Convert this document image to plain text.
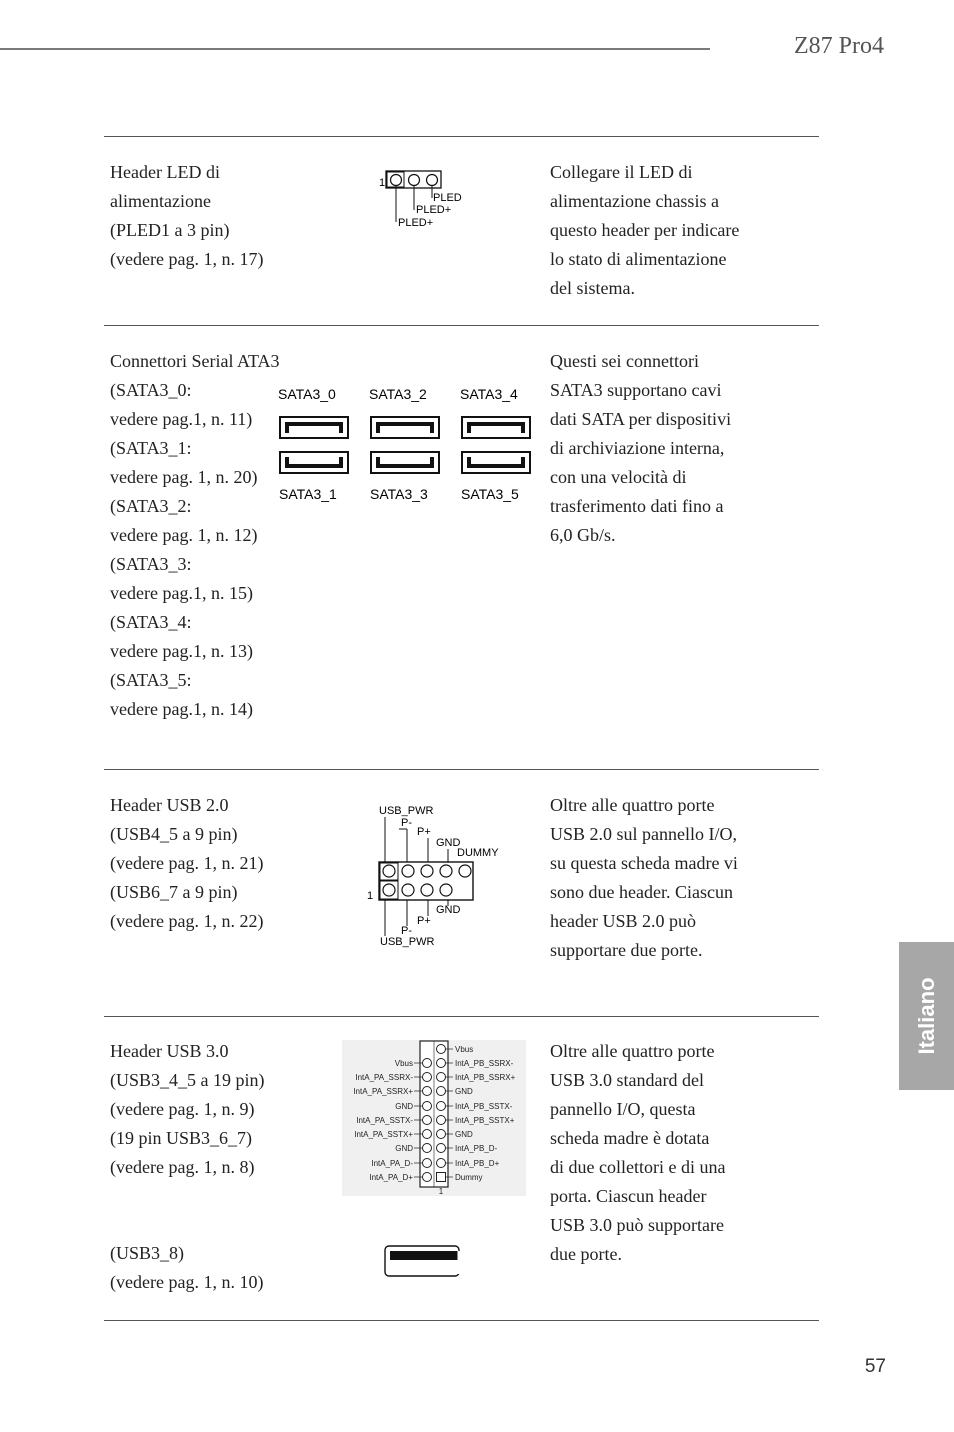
Z87 Pro4
Header LED di
alimentazione
(PLED1 a 3 pin)
(vedere pag. 1, n. 17)
1
PLED
PLED+
PLED+
Collegare il LED di
alimentazione chassis a
questo header per indicare
lo stato di alimentazione
del sistema.
Connettori Serial ATA3
(SATA3_0:
vedere pag.1, n. 11)
(SATA3_1:
vedere pag. 1, n. 20)
(SATA3_2:
vedere pag. 1, n. 12)
(SATA3_3:
vedere pag.1, n. 15)
(SATA3_4:
vedere pag.1, n. 13)
(SATA3_5:
vedere pag.1, n. 14)
SATA3_0 SATA3_2 SATA3_4
SATA3_1 SATA3_3 SATA3_5
Questi sei connettori
SATA3 supportano cavi
dati SATA per dispositivi
di archiviazione interna,
con una velocità di
trasferimento dati fino a
6,0 Gb/s.
Header USB 2.0
(USB4_5 a 9 pin)
(vedere pag. 1, n. 21)
(USB6_7 a 9 pin)
(vedere pag. 1, n. 22)
USB_PWR
P-
P+
GND
DUMMY
1
GND
P+
P-
USB_PWR
Oltre alle quattro porte
USB 2.0 sul pannello I/O,
su questa scheda madre vi
sono due header. Ciascun
header USB 2.0 può
supportare due porte.
Header USB 3.0
(USB3_4_5 a 19 pin)
(vedere pag. 1, n. 9)
(19 pin USB3_6_7)
(vedere pag. 1, n. 8)
(USB3_8)
(vedere pag. 1, n. 10)
Vbus
IntA_PA_SSRX-
IntA_PA_SSRX+
GND
IntA_PA_SSTX-
IntA_PA_SSTX+
GND
IntA_PA_D-
IntA_PA_D+
Vbus
IntA_PB_SSRX-
IntA_PB_SSRX+
GND
IntA_PB_SSTX-
IntA_PB_SSTX+
GND
IntA_PB_D-
IntA_PB_D+
Dummy
1
Oltre alle quattro porte
USB 3.0 standard del
pannello I/O, questa
scheda madre è dotata
di due collettori e di una
porta. Ciascun header
USB 3.0 può supportare
due porte.
Italiano
57
